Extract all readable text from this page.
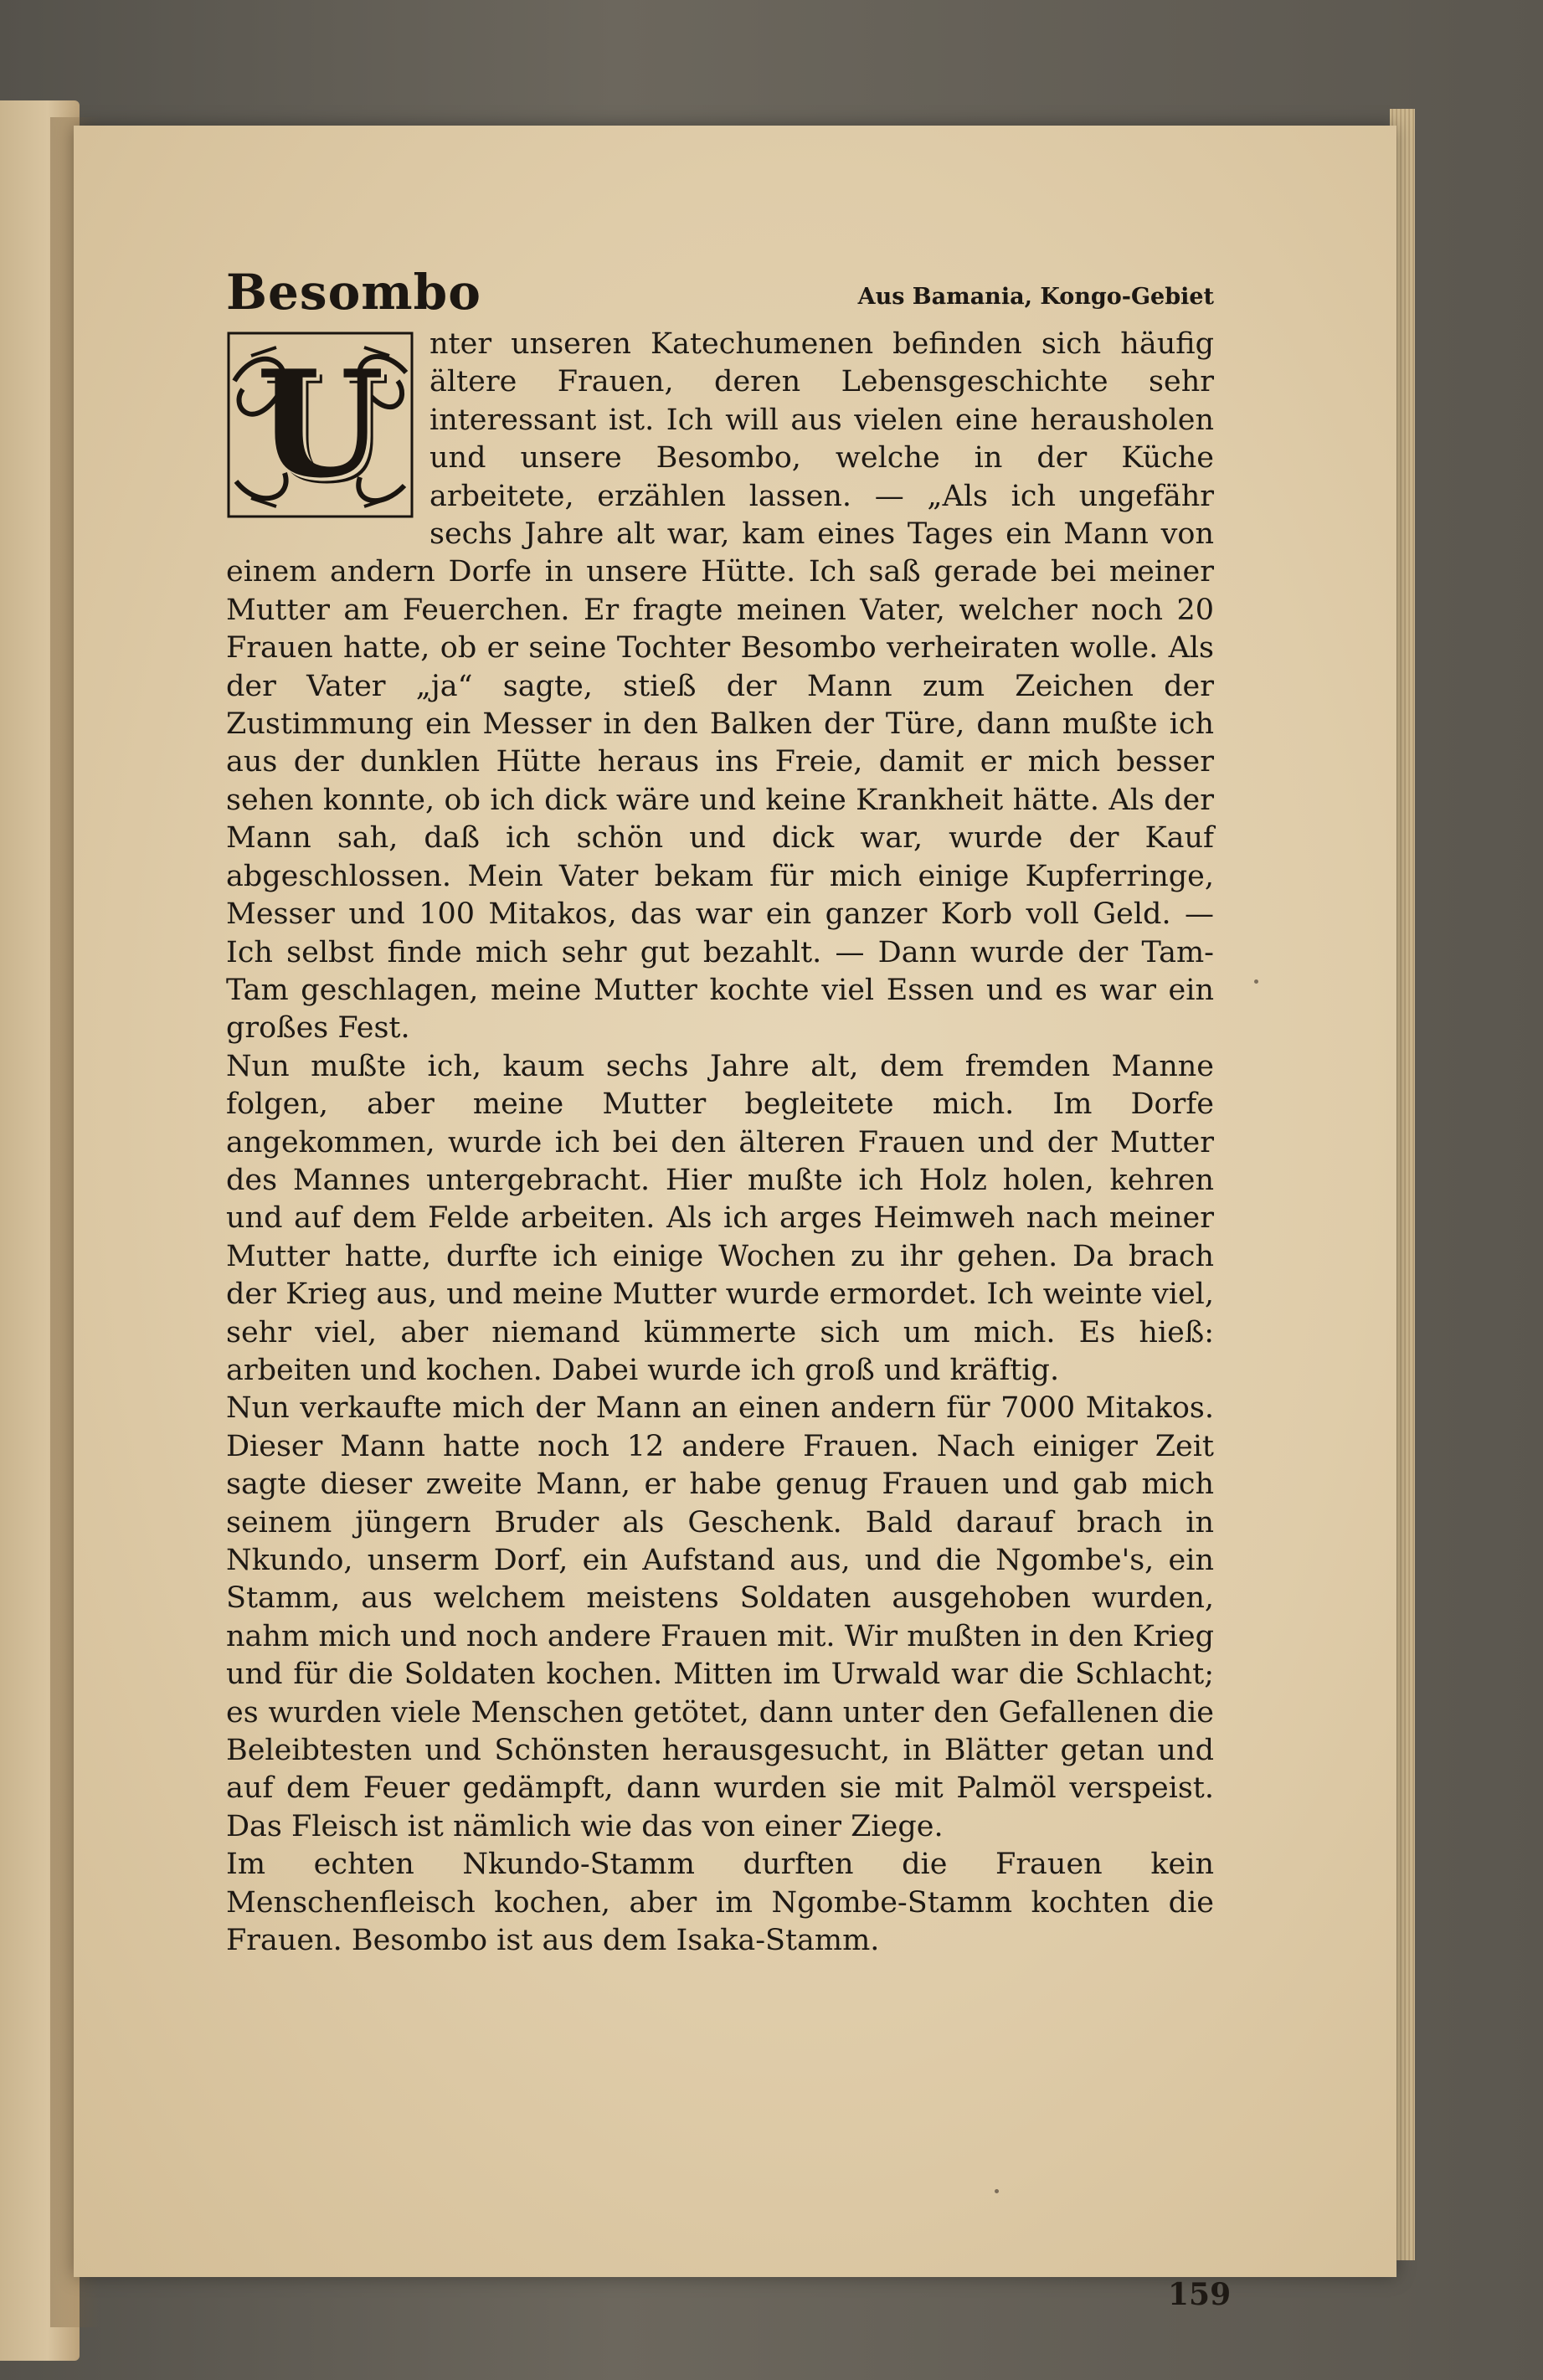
Besombo	Aus Bamania, Kongo-Gebiet
U	nter unseren Katechumenen befinden sich häufig ältere Frauen, deren Lebensgeschichte sehr interessant ist. Ich will aus vielen eine herausholen und unsere Besombo, welche in der Küche arbeitete, erzählen lassen. — „Als ich ungefähr sechs Jahre alt war, kam eines Tages ein Mann von einem andern Dorfe in unsere Hütte. Ich saß gerade bei meiner Mutter am Feuerchen. Er fragte meinen Vater, welcher noch 20 Frauen hatte, ob er seine Tochter Besombo verheiraten wolle. Als der Vater „ja“ sagte, stieß der Mann zum Zeichen der Zustimmung ein Messer in den Balken der Türe, dann mußte ich aus der dunklen Hütte heraus ins Freie, damit er mich besser sehen konnte, ob ich dick wäre und keine Krankheit hätte. Als der Mann sah, daß ich schön und dick war, wurde der Kauf abgeschlossen. Mein Vater bekam für mich einige Kupferringe, Messer und 100 Mitakos, das war ein ganzer Korb voll Geld. — Ich selbst finde mich sehr gut bezahlt. — Dann wurde der Tam-Tam geschlagen, meine Mutter kochte viel Essen und es war ein großes Fest.

Nun mußte ich, kaum sechs Jahre alt, dem fremden Manne folgen, aber meine Mutter begleitete mich. Im Dorfe angekommen, wurde ich bei den älteren Frauen und der Mutter des Mannes untergebracht. Hier mußte ich Holz holen, kehren und auf dem Felde arbeiten. Als ich arges Heimweh nach meiner Mutter hatte, durfte ich einige Wochen zu ihr gehen. Da brach der Krieg aus, und meine Mutter wurde ermordet. Ich weinte viel, sehr viel, aber niemand kümmerte sich um mich. Es hieß: arbeiten und kochen. Dabei wurde ich groß und kräftig.

Nun verkaufte mich der Mann an einen andern für 7000 Mitakos. Dieser Mann hatte noch 12 andere Frauen. Nach einiger Zeit sagte dieser zweite Mann, er habe genug Frauen und gab mich seinem jüngern Bruder als Geschenk. Bald darauf brach in Nkundo, unserm Dorf, ein Aufstand aus, und die Ngombe's, ein Stamm, aus welchem meistens Soldaten ausgehoben wurden, nahm mich und noch andere Frauen mit. Wir mußten in den Krieg und für die Soldaten kochen. Mitten im Urwald war die Schlacht; es wurden viele Menschen getötet, dann unter den Gefallenen die Beleibtesten und Schönsten herausgesucht, in Blätter getan und auf dem Feuer gedämpft, dann wurden sie mit Palmöl verspeist. Das Fleisch ist nämlich wie das von einer Ziege.

Im echten Nkundo-Stamm durften die Frauen kein Menschenfleisch kochen, aber im Ngombe-Stamm kochten die Frauen. Besombo ist aus dem Isaka-Stamm.

159
